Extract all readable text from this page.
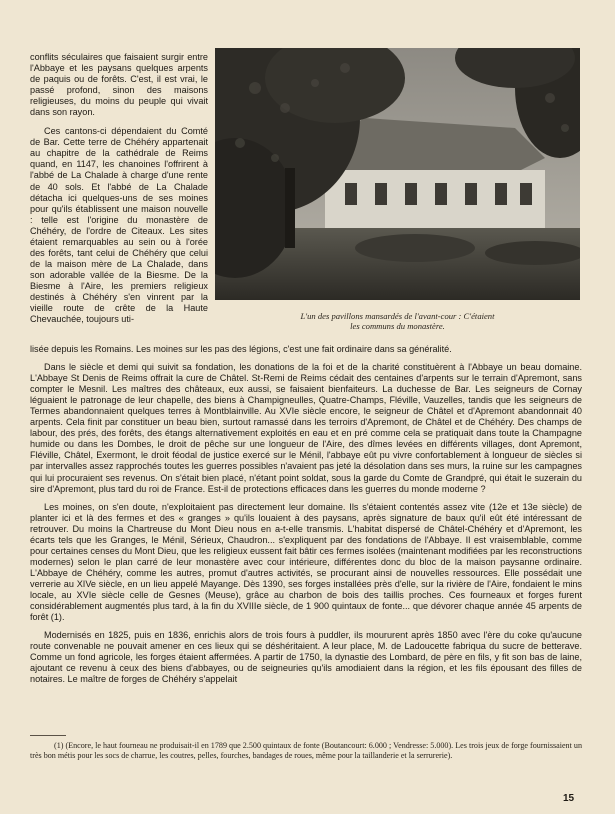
conflits séculaires que faisaient surgir entre l'Abbaye et les paysans quelques arpents de paquis ou de forêts. C'est, il est vrai, le passé profond, sinon des maisons religieuses, du moins du peuple qui vivait dans son rayon.

Ces cantons-ci dépendaient du Comté de Bar. Cette terre de Chéhéry appartenait au chapitre de la cathédrale de Reims quand, en 1147, les chanoines l'offrirent à l'abbé de La Chalade à charge d'une rente de 40 sols. Et l'abbé de La Chalade détacha ici quelques-uns de ses moines pour qu'ils établissent une maison nouvelle : telle est l'origine du monastère de Chéhéry, de l'ordre de Citeaux. Les sites étaient remarquables au sein ou à l'orée des forêts, tant celui de Chéhéry que celui de la maison mère de La Chalade, dans son adorable vallée de la Biesme. De la Biesme à l'Aire, les premiers religieux destinés à Chéhéry s'en vinrent par la vieille route de crête de la Haute Chevauchée, toujours uti-	L'un des pavillons mansardés de l'avant-cour : C'étaient
les communs du monastère.

lisée depuis les Romains. Les moines sur les pas des légions, c'est une fait ordinaire dans sa généralité.

Dans le siècle et demi qui suivit sa fondation, les donations de la foi et de la charité constituèrent à l'Abbaye un beau domaine. L'Abbaye St Denis de Reims offrait la cure de Châtel. St-Remi de Reims cédait des centaines d'arpents sur le terrain d'Apremont, sans compter le Mesnil. Les maîtres des châteaux, eux aussi, se faisaient bienfaiteurs. La duchesse de Bar. Les seigneurs de Cornay léguaient le patronage de leur chapelle, des biens à Champigneulles, Quatre-Champs, Fléville, Vauzelles, tandis que les seigneurs de Termes abandonnaient quelques terres à Montblainville. Au XVIe siècle encore, le seigneur de Châtel et d'Apremont abandonnait 40 arpents. Cela finit par constituer un beau bien, surtout ramassé dans les terroirs d'Apremont, de Châtel et de Chéhéry. Des champs de labour, des prés, des forêts, des étangs alternativement exploités en eau et en pré comme cela se pratiquait dans toute la Champagne humide ou dans les Dombes, le droit de pêche sur une longueur de l'Aire, des dîmes levées en différents villages, dont Apremont, Fléville, Châtel, Exermont, le droit féodal de justice exercé sur le Ménil, l'abbaye eût pu vivre confortablement à longueur de siècles si par intervalles assez rapprochés toutes les guerres possibles n'avaient pas jeté la désolation dans ses murs, la ruine sur les campagnes qui lui procuraient ses revenus. On s'était bien placé, n'étant point soldat, sous la garde du Comte de Grandpré, qui était le suzerain du sire d'Apremont, plus tard du roi de France. Est-il de protections efficaces dans les guerres du monde moderne ?

Les moines, on s'en doute, n'exploitaient pas directement leur domaine. Ils s'étaient contentés assez vite (12e et 13e siècle) de planter ici et là des fermes et des « granges » qu'ils louaient à des paysans, après signature de baux qu'il eût été intéressant de retrouver. Du moins la Chartreuse du Mont Dieu nous en a-t-elle transmis. L'habitat dispersé de Châtel-Chéhéry et d'Apremont, les écarts tels que les Granges, le Ménil, Sérieux, Chaudron... s'expliquent par des fondations de l'Abbaye. Il est vraisemblable, comme pour certaines censes du Mont Dieu, que les religieux eussent fait bâtir ces fermes isolées (maintenant modifiées par les reconstructions modernes) selon le plan carré de leur monastère avec cour intérieure, différentes donc du bloc de la maison paysanne ordinaire. L'Abbaye de Chéhéry, comme les autres, promut d'autres activités, se procurant ainsi de nouvelles ressources. Elle possédait une verrerie au XIVe siècle, en un lieu appelé Mayange. Dès 1390, ses forges installées près d'elle, sur la rivière de l'Aire, fondaient le mins locale, au XVIe siècle celle de Gesnes (Meuse), grâce au charbon de bois des taillis proches. Ces fourneaux et forges furent considérablement augmentés plus tard, à la fin du XVIIIe siècle, de 1 900 quintaux de fonte... que dévorer chaque année 45 arpents de forêt (1).

Modernisés en 1825, puis en 1836, enrichis alors de trois fours à puddler, ils moururent après 1850 avec l'ère du coke qu'aucune route convenable ne pouvait amener en ces lieux qui se déshéritaient. A leur place, M. de Ladoucette fabriqua du sucre de betterave. Comme un fond agricole, les forges étaient affermées. A partir de 1750, la dynastie des Lombard, de père en fils, y fit son bas de laine, ajoutant ce revenu à ceux des biens d'abbayes, ou de seigneuries qu'ils amodiaient dans la région, et les fils épousant des filles de notaires. Le maître de forges de Chéhéry s'appelait

(1) (Encore, le haut fourneau ne produisait-il en 1789 que 2.500 quintaux de fonte (Boutancourt: 6.000 ; Vendresse: 5.000). Les trois jeux de forge fournissaient un très bon métis pour les socs de charrue, les coutres, pelles, fourches, bandages de roues, même pour la taillanderie et la serrurerie).

15
